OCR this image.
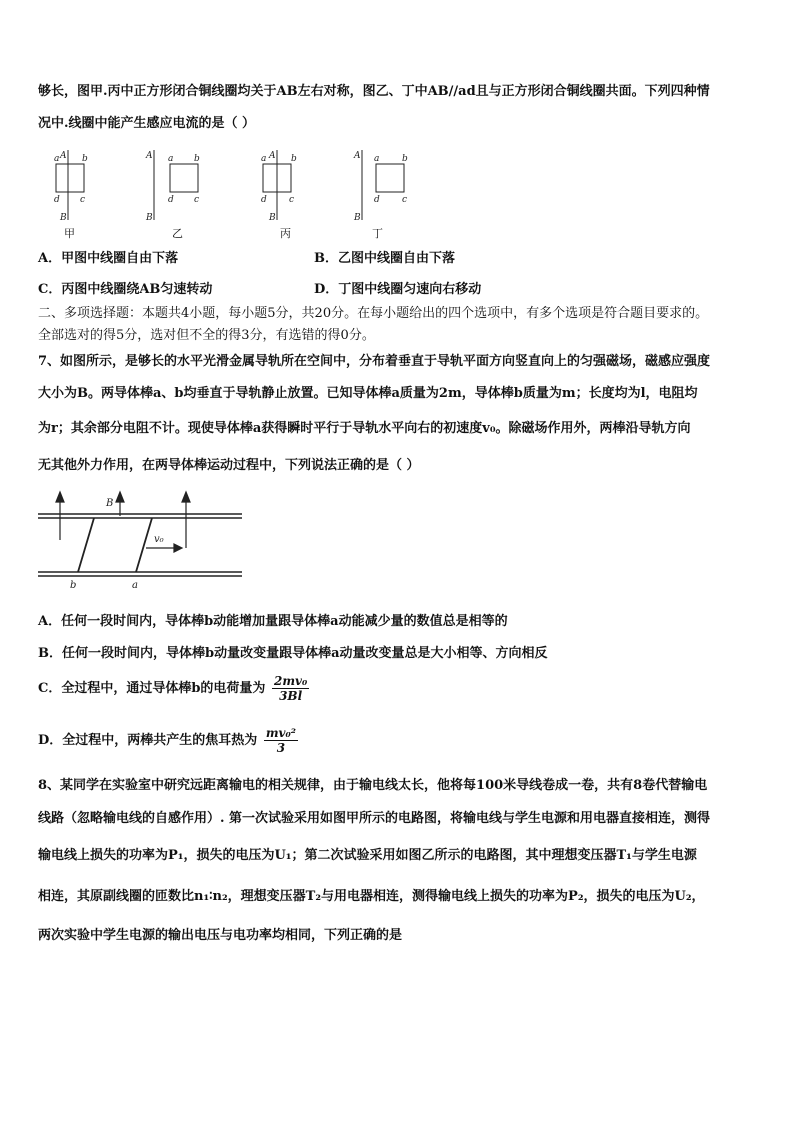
够长，图甲.丙中正方形闭合铜线圈均关于AB左右对称，图乙、丁中AB//ad且与正方形闭合铜线圈共面。下列四种情
况中.线圈中能产生感应电流的是（ ）
A
a	b
d c
B
A a b
d c
B
A
a	b
d c
B
A a	b
d c
B
甲	乙	丙	丁
A．甲图中线圈自由下落	B．乙图中线圈自由下落
C．丙图中线圈绕AB匀速转动	D．丁图中线圈匀速向右移动
二、多项选择题：本题共4小题，每小题5分，共20分。在每小题给出的四个选项中，有多个选项是符合题目要求的。
全部选对的得5分，选对但不全的得3分，有选错的得0分。
7、如图所示，是够长的水平光滑金属导轨所在空间中，分布着垂直于导轨平面方向竖直向上的匀强磁场，磁感应强度
大小为B。两导体棒a、b均垂直于导轨静止放置。已知导体棒a质量为2m，导体棒b质量为m；长度均为l，电阻均
为r；其余部分电阻不计。现使导体棒a获得瞬时平行于导轨水平向右的初速度v₀。除磁场作用外，两棒沿导轨方向
无其他外力作用，在两导体棒运动过程中，下列说法正确的是（ ）
B
v₀
b	a
A．任何一段时间内，导体棒b动能增加量跟导体棒a动能减少量的数值总是相等的
B．任何一段时间内，导体棒b动量改变量跟导体棒a动量改变量总是大小相等、方向相反
C．全过程中，通过导体棒b的电荷量为 $\frac{\text{2mv₀}}{3Bl}$
D．全过程中，两棒共产生的焦耳热为 $\frac{\text{mv₀²}}{3}$
8、某同学在实验室中研究远距离输电的相关规律，由于输电线太长，他将每100米导线卷成一卷，共有8卷代替输电
线路（忽略输电线的自感作用）. 第一次试验采用如图甲所示的电路图，将输电线与学生电源和用电器直接相连，测得
输电线上损失的功率为P₁，损失的电压为U₁；第二次试验采用如图乙所示的电路图，其中理想变压器T₁与学生电源
相连，其原副线圈的匝数比n₁∶n₂，理想变压器T₂与用电器相连，测得输电线上损失的功率为P₂，损失的电压为U₂，
两次实验中学生电源的输出电压与电功率均相同，下列正确的是
